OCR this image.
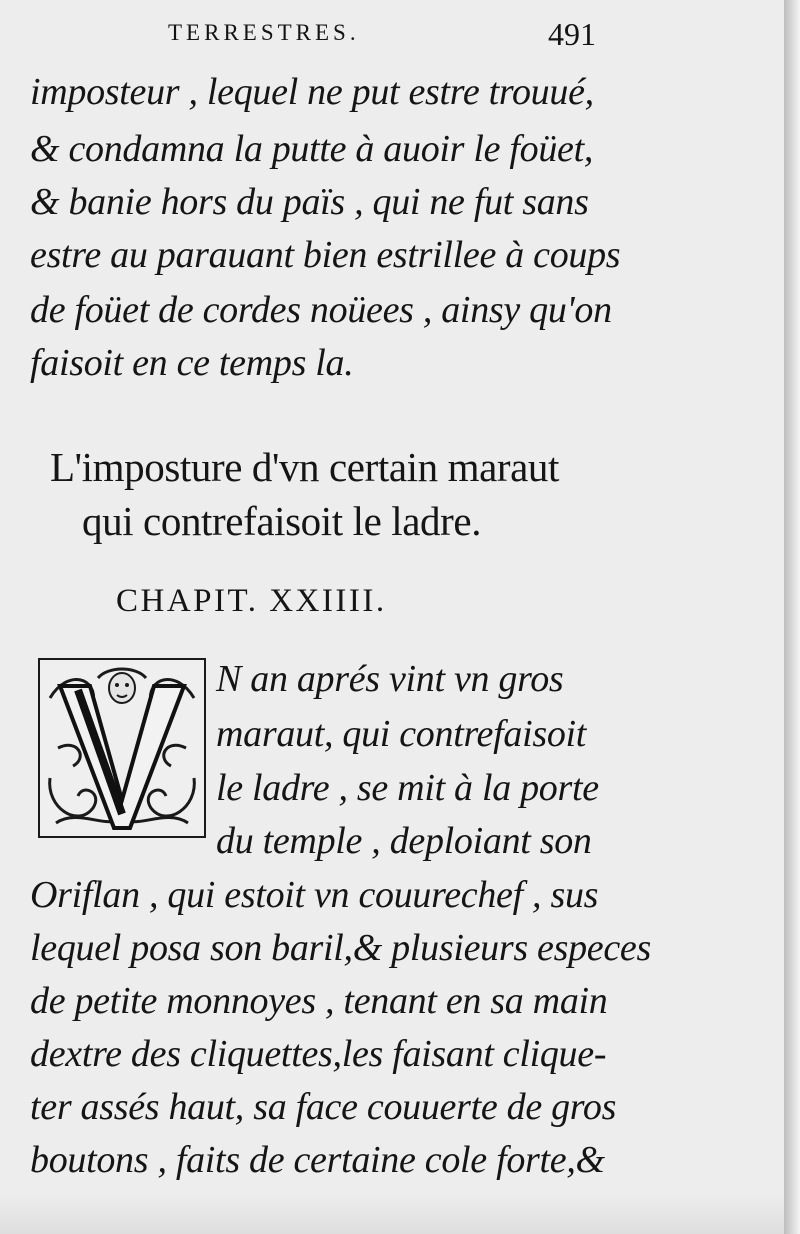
TERRESTRES.	491
imposteur , lequel ne put estre trouué,
& condamna la putte à auoir le foüet,
& banie hors du païs , qui ne fut sans
estre au parauant bien estrillee à coups
de foüet de cordes noüees , ainsy qu'on
faisoit en ce temps la.
L'imposture d'vn certain maraut
qui contrefaisoit le ladre.
CHAPIT. XXIIII.
N an aprés vint vn gros
maraut, qui contrefaisoit
le ladre , se mit à la porte
du temple , deploiant son
Oriflan , qui estoit vn couurechef , sus
lequel posa son baril,& plusieurs especes
de petite monnoyes , tenant en sa main
dextre des cliquettes,les faisant clique-
ter assés haut, sa face couuerte de gros
boutons , faits de certaine cole forte,&
